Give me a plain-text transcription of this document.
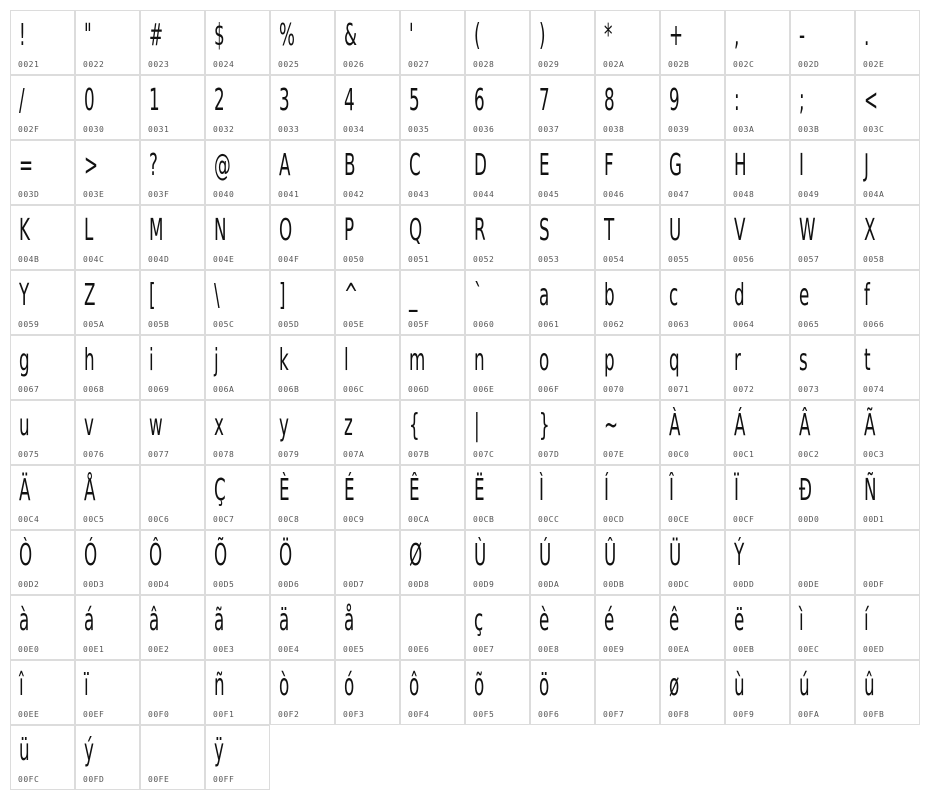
!
0021
"
0022
#
0023
$
0024
%
0025
&
0026
'
0027
(
0028
)
0029
*
002A
+
002B
,
002C
-
002D
.
002E
/
002F
0
0030
1
0031
2
0032
3
0033
4
0034
5
0035
6
0036
7
0037
8
0038
9
0039
:
003A
;
003B
<
003C
=
003D
>
003E
?
003F
@
0040
A
0041
B
0042
C
0043
D
0044
E
0045
F
0046
G
0047
H
0048
I
0049
J
004A
K
004B
L
004C
M
004D
N
004E
O
004F
P
0050
Q
0051
R
0052
S
0053
T
0054
U
0055
V
0056
W
0057
X
0058
Y
0059
Z
005A
[
005B
\
005C
]
005D
^
005E
_
005F
`
0060
a
0061
b
0062
c
0063
d
0064
e
0065
f
0066
g
0067
h
0068
i
0069
j
006A
k
006B
l
006C
m
006D
n
006E
o
006F
p
0070
q
0071
r
0072
s
0073
t
0074
u
0075
v
0076
w
0077
x
0078
y
0079
z
007A
{
007B
|
007C
}
007D
~
007E
À
00C0
Á
00C1
Â
00C2
Ã
00C3
Ä
00C4
Å
00C5	00C6
Ç
00C7
È
00C8
É
00C9
Ê
00CA
Ë
00CB
Ì
00CC
Í
00CD
Î
00CE
Ï
00CF
Đ
00D0
Ñ
00D1
Ò
00D2
Ó
00D3
Ô
00D4
Õ
00D5
Ö
00D6	00D7
Ø
00D8
Ù
00D9
Ú
00DA
Û
00DB
Ü
00DC
Ý
00DD	00DE	00DF
à
00E0
á
00E1
â
00E2
ã
00E3
ä
00E4
å
00E5	00E6
ç
00E7
è
00E8
é
00E9
ê
00EA
ë
00EB
ì
00EC
í
00ED
î
00EE
ï
00EF	00F0
ñ
00F1
ò
00F2
ó
00F3
ô
00F4
õ
00F5
ö
00F6	00F7
ø
00F8
ù
00F9
ú
00FA
û
00FB
ü
00FC
ý
00FD	00FE
ÿ
00FF
